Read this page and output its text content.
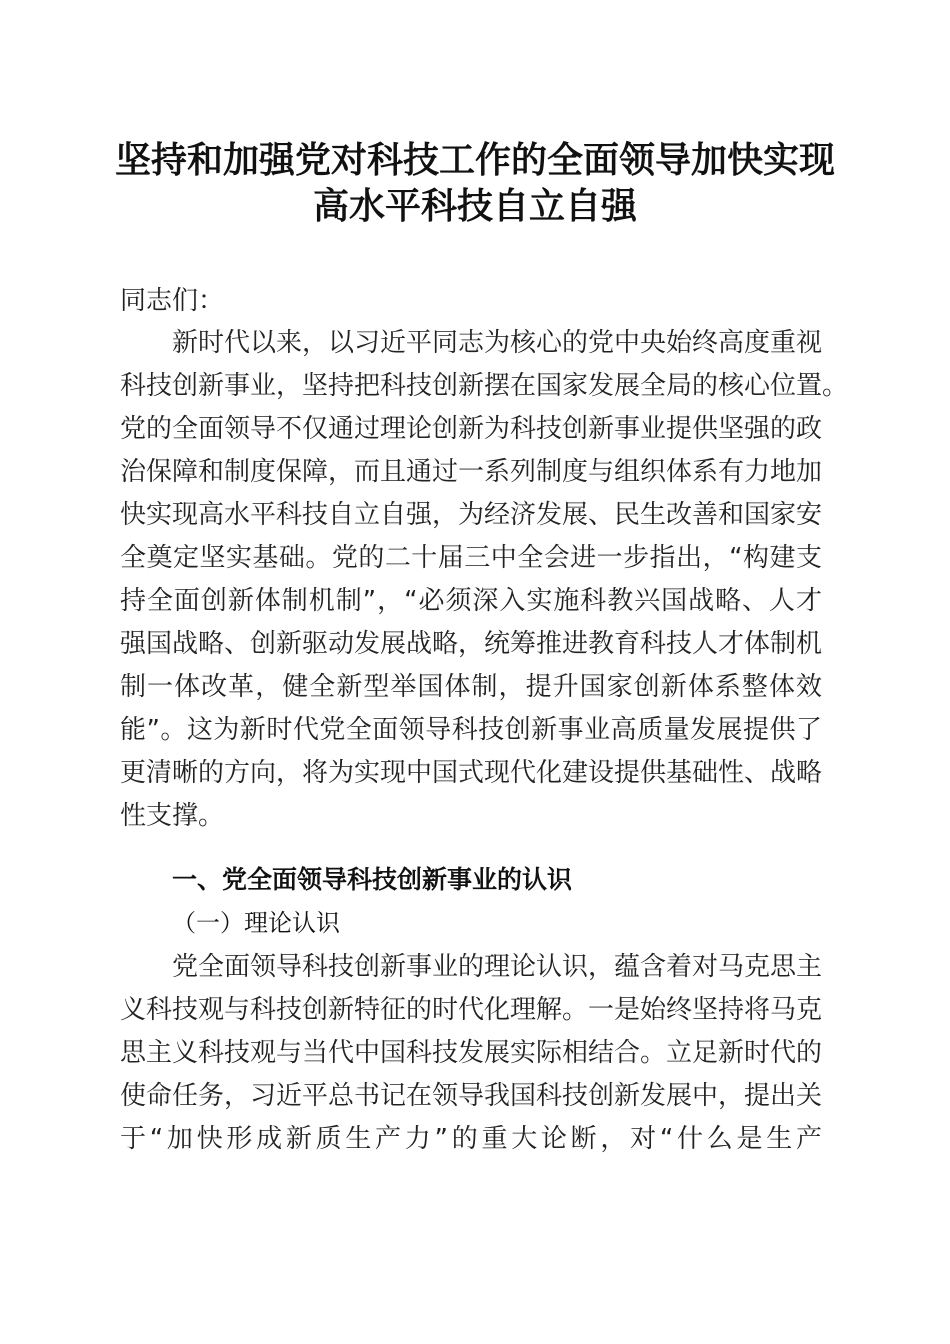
坚持和加强党对科技工作的全面领导加快实现
高水平科技自立自强
同志们：
新时代以来，以习近平同志为核心的党中央始终高度重视
科技创新事业，坚持把科技创新摆在国家发展全局的核心位置。
党的全面领导不仅通过理论创新为科技创新事业提供坚强的政
治保障和制度保障，而且通过一系列制度与组织体系有力地加
快实现高水平科技自立自强，为经济发展、民生改善和国家安
全奠定坚实基础。党的二十届三中全会进一步指出，“构建支
持全面创新体制机制”，“必须深入实施科教兴国战略、人才
强国战略、创新驱动发展战略，统筹推进教育科技人才体制机
制一体改革，健全新型举国体制，提升国家创新体系整体效
能”。这为新时代党全面领导科技创新事业高质量发展提供了
更清晰的方向，将为实现中国式现代化建设提供基础性、战略
性支撑。
一、党全面领导科技创新事业的认识
（一）理论认识
党全面领导科技创新事业的理论认识，蕴含着对马克思主
义科技观与科技创新特征的时代化理解。一是始终坚持将马克
思主义科技观与当代中国科技发展实际相结合。立足新时代的
使命任务，习近平总书记在领导我国科技创新发展中，提出关
于“加快形成新质生产力”的重大论断，对“什么是生产
